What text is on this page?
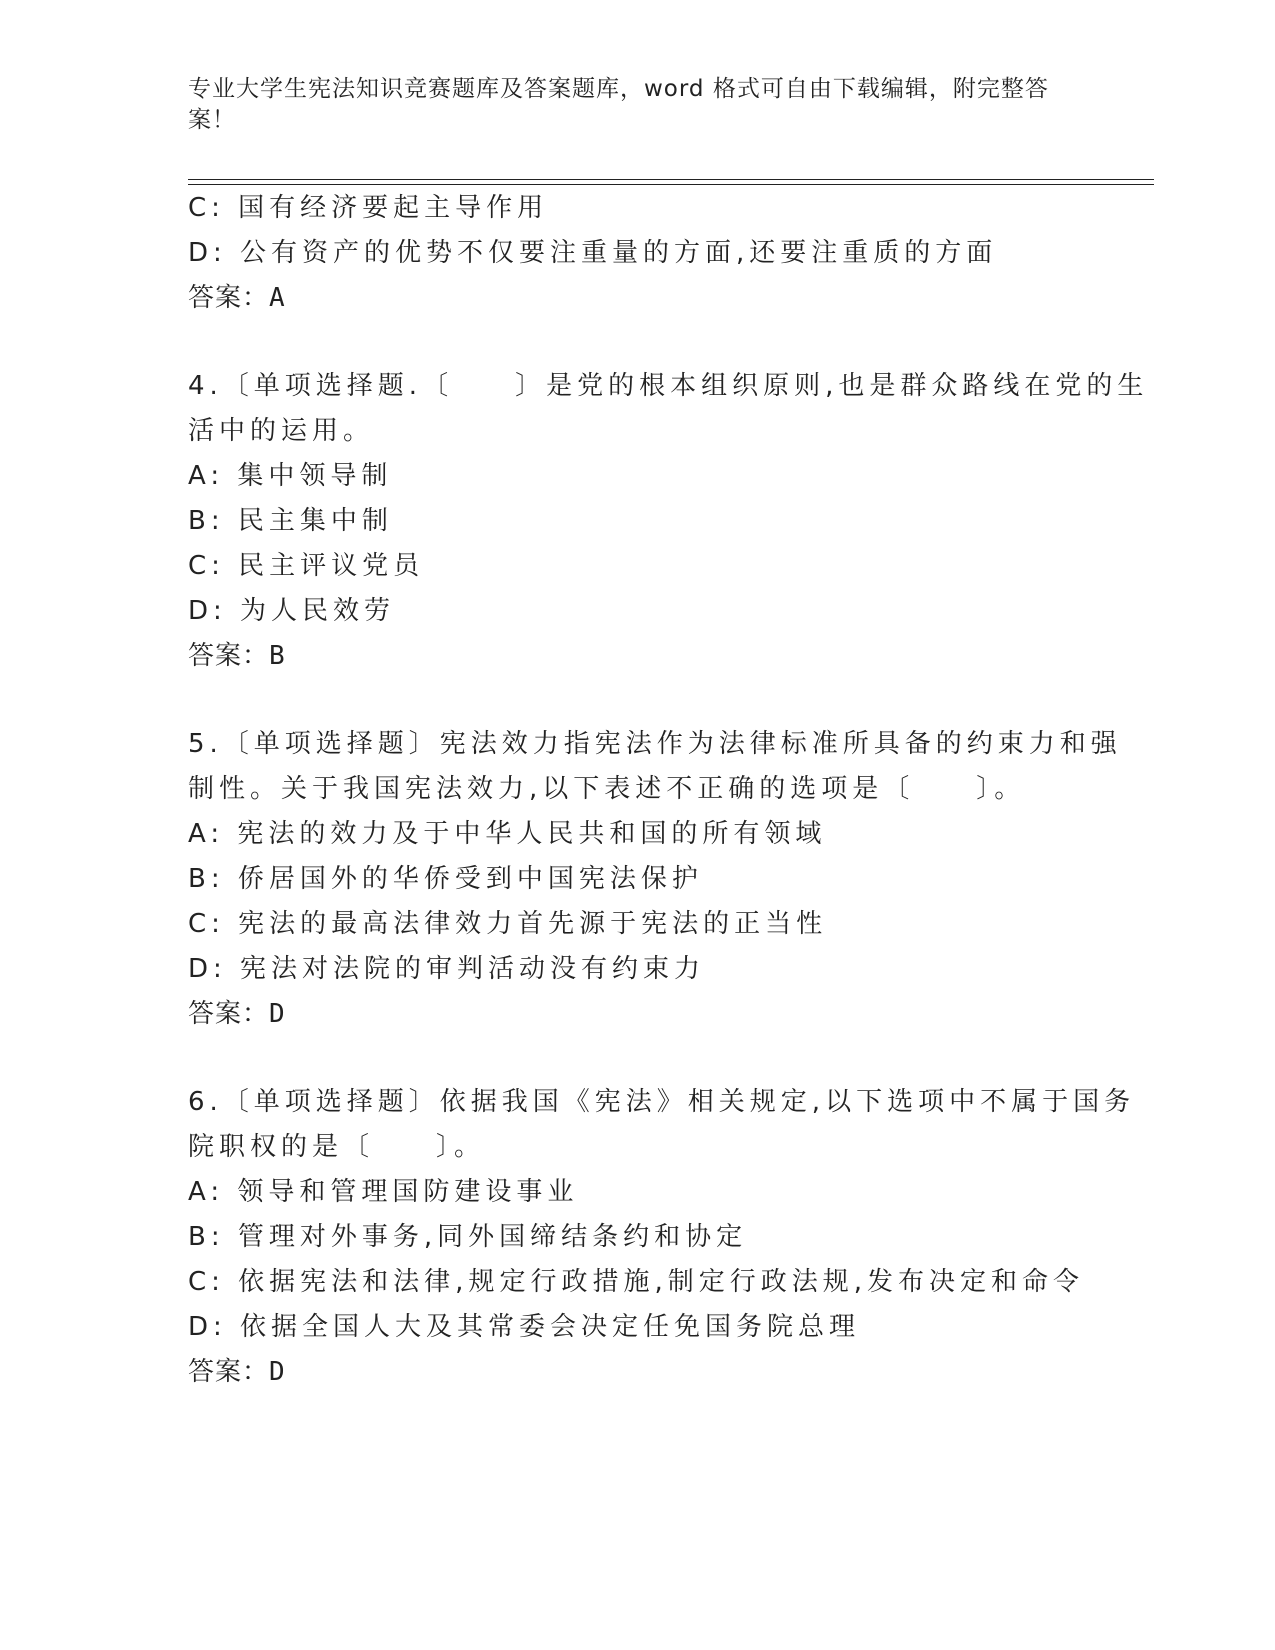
专业大学生宪法知识竞赛题库及答案题库，word 格式可自由下载编辑，附完整答
案！
C: 国有经济要起主导作用
D: 公有资产的优势不仅要注重量的方面,还要注重质的方面
答案：A
4.〔单项选择题.〔　　〕是党的根本组织原则,也是群众路线在党的生
活中的运用。
A: 集中领导制
B: 民主集中制
C: 民主评议党员
D: 为人民效劳
答案：B
5.〔单项选择题〕宪法效力指宪法作为法律标准所具备的约束力和强
制性。关于我国宪法效力,以下表述不正确的选项是〔　　〕。
A: 宪法的效力及于中华人民共和国的所有领域
B: 侨居国外的华侨受到中国宪法保护
C: 宪法的最高法律效力首先源于宪法的正当性
D: 宪法对法院的审判活动没有约束力
答案：D
6.〔单项选择题〕依据我国《宪法》相关规定,以下选项中不属于国务
院职权的是〔　　〕。
A: 领导和管理国防建设事业
B: 管理对外事务,同外国缔结条约和协定
C: 依据宪法和法律,规定行政措施,制定行政法规,发布决定和命令
D: 依据全国人大及其常委会决定任免国务院总理
答案：D
